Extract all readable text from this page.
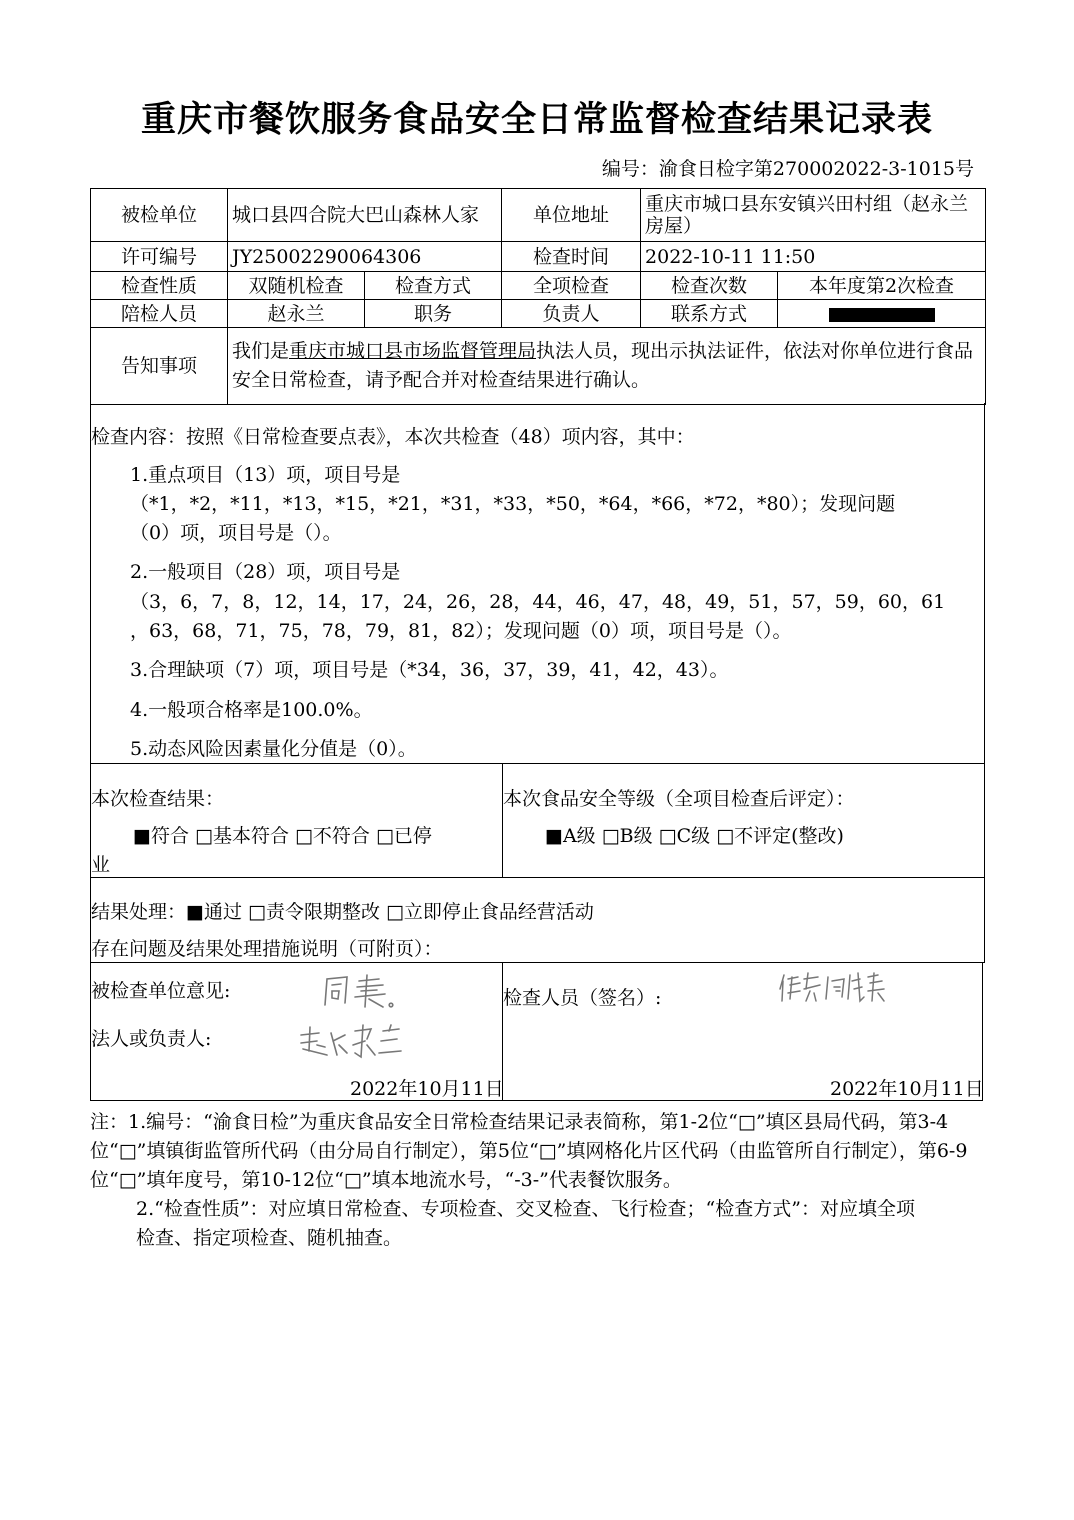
重庆市餐饮服务食品安全日常监督检查结果记录表
编号：渝食日检字第270002022-3-1015号
被检单位	城口县四合院大巴山森林人家		单位地址	重庆市城口县东安镇兴田村组（赵永兰房屋）	
许可编号	JY25002290064306		检查时间	2022-10-11 11:50	
检查性质	双随机检查	检查方式	全项检查	检查次数	本年度第2次检查
陪检人员	赵永兰	职务	负责人	联系方式	
告知事项	我们是重庆市城口县市场监督管理局执法人员，现出示执法证件，依法对你单位进行食品安全日常检查，请予配合并对检查结果进行确认。				
检查内容：按照《日常检查要点表》，本次共检查（48）项内容，其中：
1.重点项目（13）项，项目号是
（*1，*2，*11，*13，*15，*21，*31，*33，*50，*64，*66，*72，*80）；发现问题
（0）项，项目号是（）。
2.一般项目（28）项，项目号是
（3，6，7，8，12，14，17，24，26，28，44，46，47，48，49，51，57，59，60，61
，63，68，71，75，78，79，81，82）；发现问题（0）项，项目号是（）。
3.合理缺项（7）项，项目号是（*34，36，37，39，41，42，43）。
4.一般项合格率是100.0%。
5.动态风险因素量化分值是（0）。
本次检查结果：
■符合 □基本符合 □不符合 □已停
业
本次食品安全等级（全项目检查后评定）：
■A级 □B级 □C级 □不评定(整改)
结果处理：■通过 □责令限期整改 □立即停止食品经营活动
存在问题及结果处理措施说明（可附页）：
被检查单位意见:
法人或负责人:
2022年10月11日
检查人员（签名）:
2022年10月11日

注：1.编号：“渝食日检”为重庆食品安全日常检查结果记录表简称，第1-2位“□”填区县局代码，第3-4位“□”填镇街监管所代码（由分局自行制定），第5位“□”填网格化片区代码（由监管所自行制定），第6-9位“□”填年度号，第10-12位“□”填本地流水号，“-3-”代表餐饮服务。

2.“检查性质”：对应填日常检查、专项检查、交叉检查、飞行检查；“检查方式”：对应填全项检查、指定项检查、随机抽查。
